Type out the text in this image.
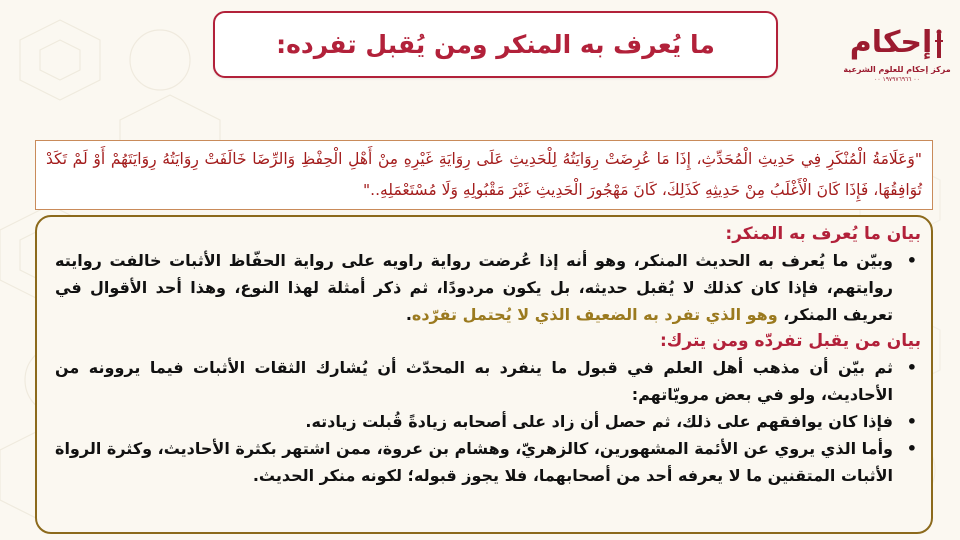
ما يُعرف به المنكر ومن يُقبل تفرده:	إحكام
مركز إحكام للعلوم الشرعية
٠٠ ١٩٧٩٧٦٩٦٦ ٠٠

"وَعَلَامَةُ الْمُنْكَرِ فِي حَدِيثِ الْمُحَدِّثِ، إِذَا مَا عُرِضَتْ رِوَايَتُهُ لِلْحَدِيثِ عَلَى رِوَايَةِ غَيْرِهِ مِنْ أَهْلِ الْحِفْظِ وَالرِّضَا خَالَفَتْ رِوَايَتُهُ رِوَايَتَهُمْ أَوْ لَمْ تَكَدْ تُوَافِقُهَا، فَإِذَا كَانَ الْأَغْلَبُ مِنْ حَدِيثِهِ كَذَلِكَ، كَانَ مَهْجُورَ الْحَدِيثِ غَيْرَ مَقْبُولِهِ وَلَا مُسْتَعْمَلِهِ.."

بيان ما يُعرف به المنكر:
• وبيّن ما يُعرف به الحديث المنكر، وهو أنه إذا عُرضت رواية راويه على رواية الحفّاظ الأثبات خالفت روايته روايتهم، فإذا كان كذلك لا يُقبل حديثه، بل يكون مردودًا، ثم ذكر أمثلة لهذا النوع، وهذا أحد الأقوال في تعريف المنكر، وهو الذي تفرد به الضعيف الذي لا يُحتمل تفرّده.
بيان من يقبل تفردّه ومن يترك:
• ثم بيّن أن مذهب أهل العلم في قبول ما ينفرد به المحدّث أن يُشارك الثقات الأثبات فيما يروونه من الأحاديث، ولو في بعض مرويّاتهم:
• فإذا كان يوافقهم على ذلك، ثم حصل أن زاد على أصحابه زيادةً قُبلت زيادته.
• وأما الذي يروي عن الأئمة المشهورين، كالزهريّ، وهشام بن عروة، ممن اشتهر بكثرة الأحاديث، وكثرة الرواة الأثبات المتقنين ما لا يعرفه أحد من أصحابهما، فلا يجوز قبوله؛ لكونه منكر الحديث.
